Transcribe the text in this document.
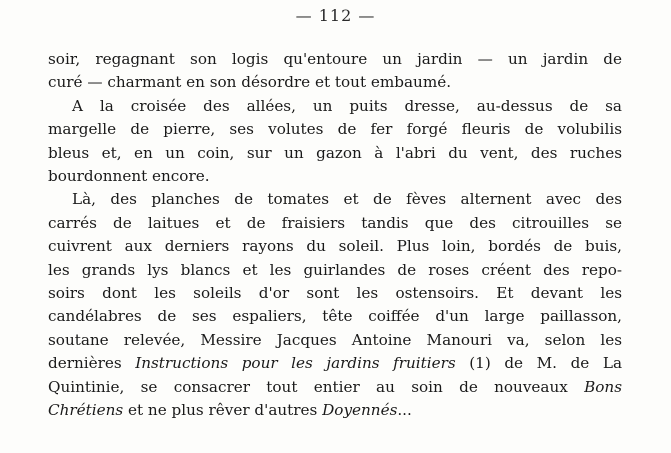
— 112 —
soir, regagnant son logis qu'entoure un jardin — un jardin de
curé — charmant en son désordre et tout embaumé.
A la croisée des allées, un puits dresse, au-dessus de sa
margelle de pierre, ses volutes de fer forgé fleuris de volubilis
bleus et, en un coin, sur un gazon à l'abri du vent, des ruches
bourdonnent encore.
Là, des planches de tomates et de fèves alternent avec des
carrés de laitues et de fraisiers tandis que des citrouilles se
cuivrent aux derniers rayons du soleil. Plus loin, bordés de buis,
les grands lys blancs et les guirlandes de roses créent des repo-
soirs dont les soleils d'or sont les ostensoirs. Et devant les
candélabres de ses espaliers, tête coiffée d'un large paillasson,
soutane relevée, Messire Jacques Antoine Manouri va, selon les
dernières Instructions pour les jardins fruitiers (1) de M. de La
Quintinie, se consacrer tout entier au soin de nouveaux Bons
Chrétiens et ne plus rêver d'autres Doyennés...
